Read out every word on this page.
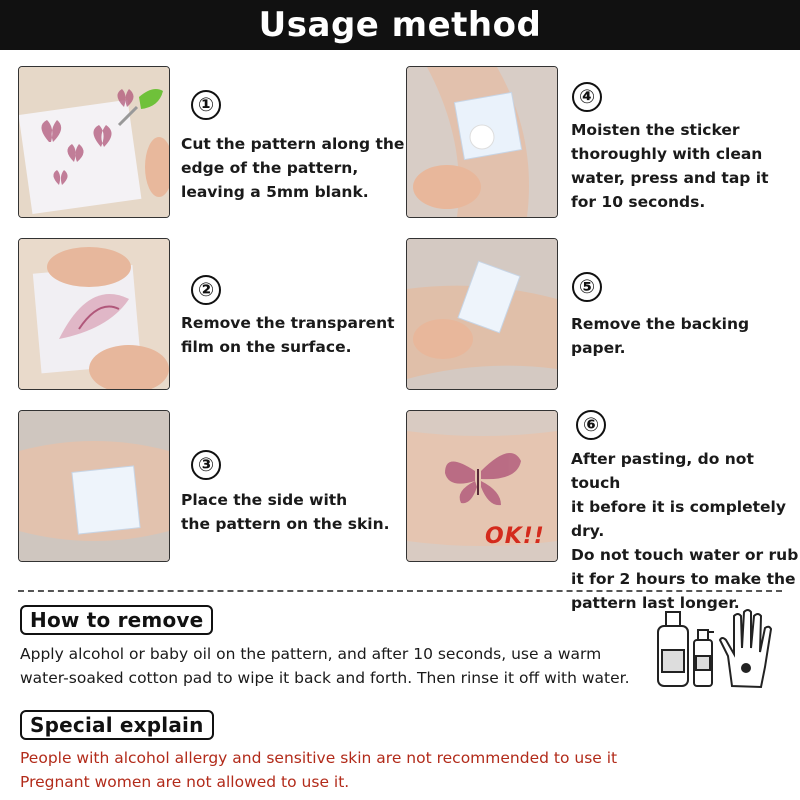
Usage method
①
Cut the pattern along the
edge of the pattern,
leaving a 5mm blank.
②
Remove the transparent
film on the surface.
③
Place the side with
the pattern on the skin.
④
Moisten the sticker
thoroughly with clean
water, press and tap it
for 10 seconds.
⑤
Remove the backing
paper.
OK!!
⑥
After pasting, do not touch
it before it is completely dry.
Do not touch water or rub
it for 2 hours to make the
pattern last longer.
How to remove
Apply alcohol or baby oil on the pattern, and after 10 seconds, use a warm
water-soaked cotton pad to wipe it back and forth. Then rinse it off with water.
Special explain
People with alcohol allergy and sensitive skin are not recommended to use it
Pregnant women are not allowed to use it.
